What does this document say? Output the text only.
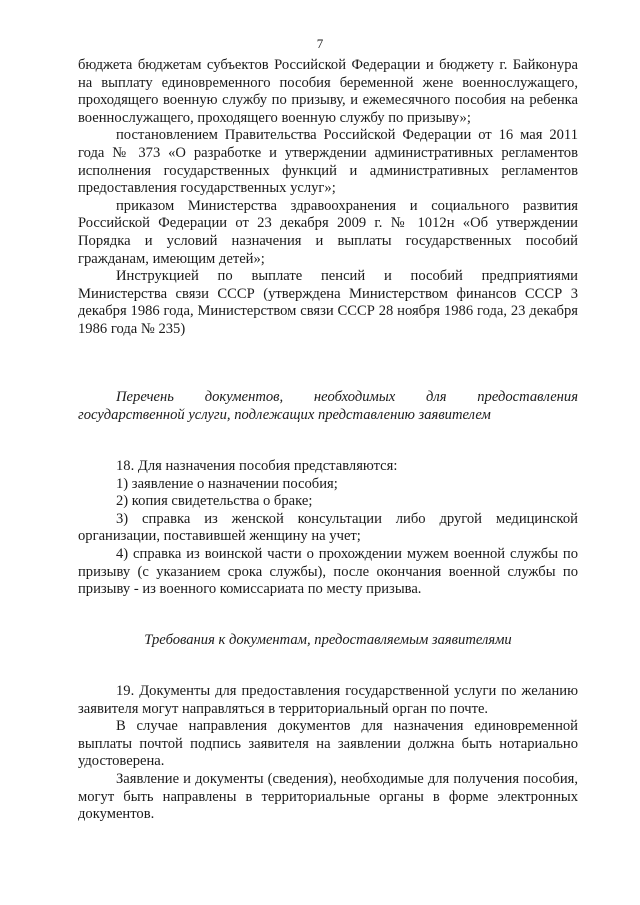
7

бюджета бюджетам субъектов Российской Федерации и бюджету г. Байконура на выплату единовременного пособия беременной жене военнослужащего, проходящего военную службу по призыву, и ежемесячного пособия на ребенка военнослужащего, проходящего военную службу по призыву»;

постановлением Правительства Российской Федерации от 16 мая 2011 года № 373 «О разработке и утверждении административных регламентов исполнения государственных функций и административных регламентов предоставления государственных услуг»;

приказом Министерства здравоохранения и социального развития Российской Федерации от 23 декабря 2009 г. № 1012н «Об утверждении Порядка и условий назначения и выплаты государственных пособий гражданам, имеющим детей»;

Инструкцией по выплате пенсий и пособий предприятиями Министерства связи СССР (утверждена Министерством финансов СССР 3 декабря 1986 года, Министерством связи СССР 28 ноября 1986 года, 23 декабря 1986 года № 235)

Перечень документов, необходимых для предоставления государственной услуги, подлежащих представлению заявителем

18. Для назначения пособия представляются:

1) заявление о назначении пособия;

2) копия свидетельства о браке;

3) справка из женской консультации либо другой медицинской организации, поставившей женщину на учет;

4) справка из воинской части о прохождении мужем военной службы по призыву (с указанием срока службы), после окончания военной службы по призыву - из военного комиссариата по месту призыва.

Требования к документам, предоставляемым заявителями

19. Документы для предоставления государственной услуги по желанию заявителя могут направляться в территориальный орган по почте.

В случае направления документов для назначения единовременной выплаты почтой подпись заявителя на заявлении должна быть нотариально удостоверена.

Заявление и документы (сведения), необходимые для получения пособия, могут быть направлены в территориальные органы в форме электронных документов.
